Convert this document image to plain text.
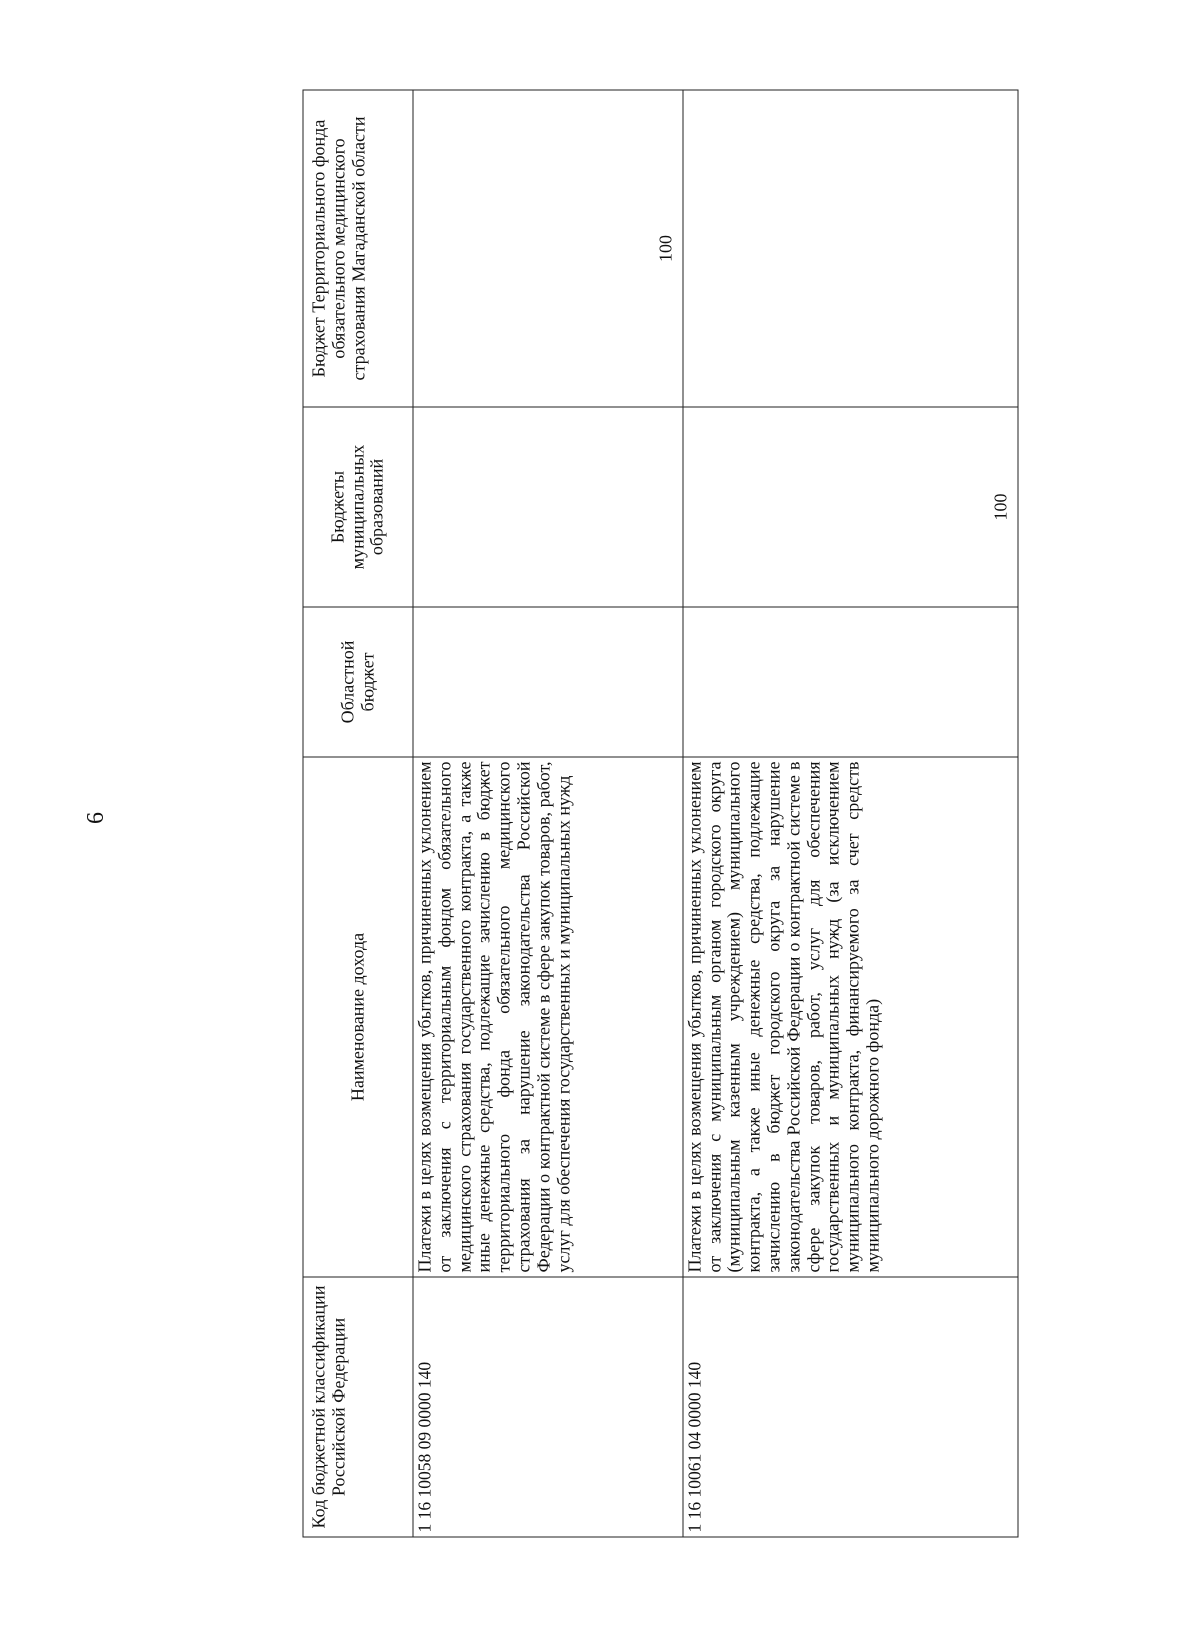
6
Код бюджетной классификации Российской Федерации	Наименование дохода	Областной бюджет	Бюджеты муниципальных образований	Бюджет Территориального фонда обязательного медицинского страхования Магаданской области
1 16 10058 09 0000 140	Платежи в целях возмещения убытков, причиненных уклонением от заключения с территориальным фондом обязательного медицинского страхования государственного контракта, а также иные денежные средства, подлежащие зачислению в бюджет территориального фонда обязательного медицинского страхования за нарушение законодательства Российской Федерации о контрактной системе в сфере закупок товаров, работ, услуг для обеспечения государственных и муниципальных нужд			100
1 16 10061 04 0000 140	Платежи в целях возмещения убытков, причиненных уклонением от заключения с муниципальным органом городского округа (муниципальным казенным учреждением) муниципального контракта, а также иные денежные средства, подлежащие зачислению в бюджет городского округа за нарушение законодательства Российской Федерации о контрактной системе в сфере закупок товаров, работ, услуг для обеспечения государственных и муниципальных нужд (за исключением муниципального контракта, финансируемого за счет средств муниципального дорожного фонда)		100	
